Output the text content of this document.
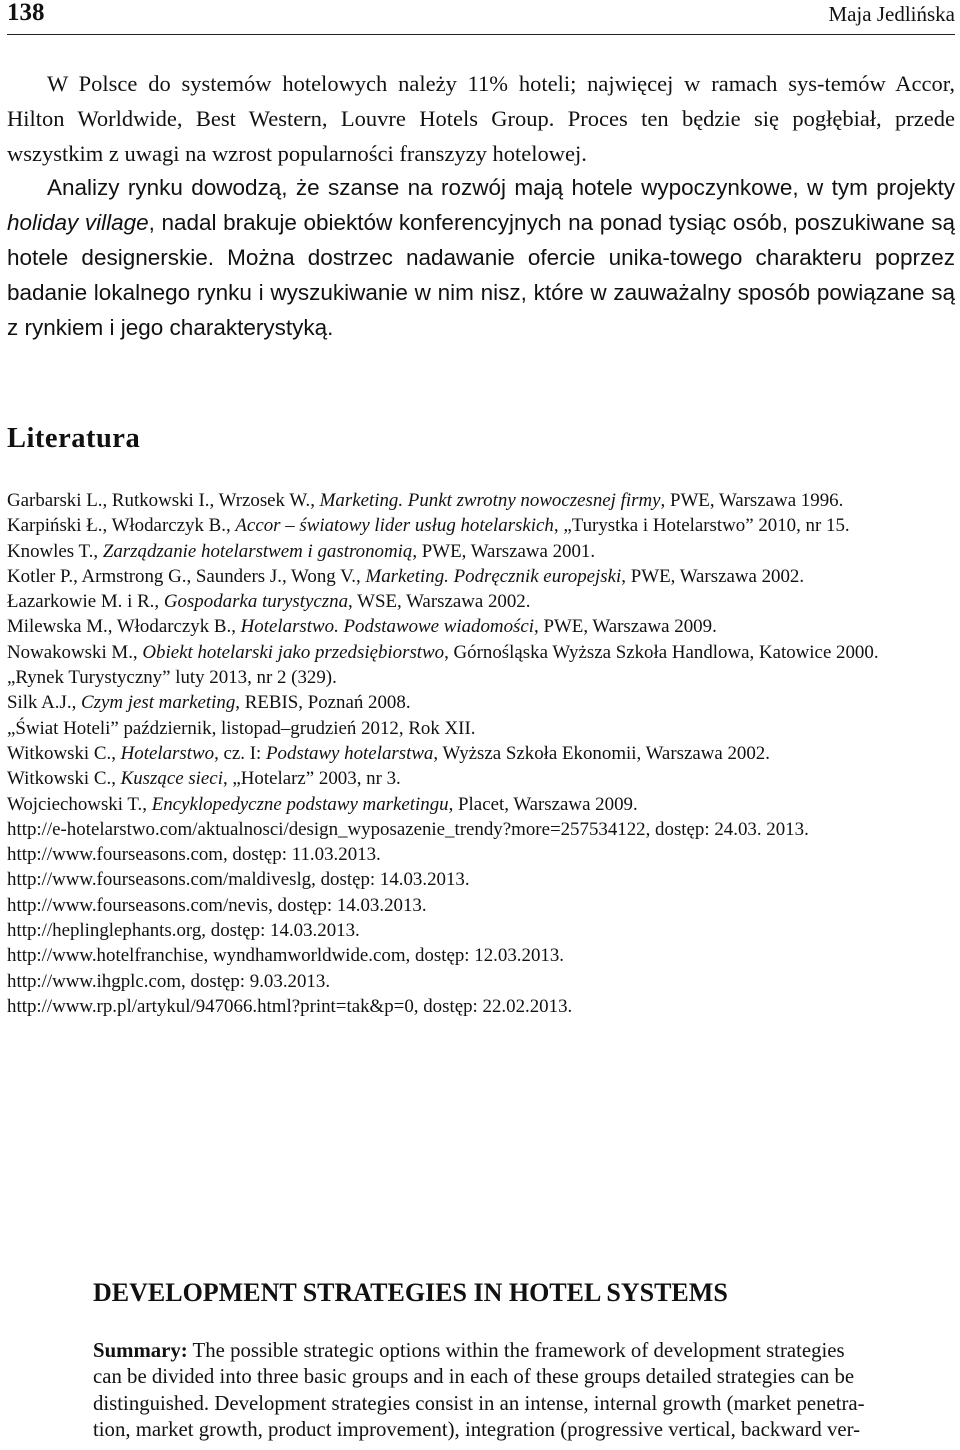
138	Maja Jedlińska

W Polsce do systemów hotelowych należy 11% hoteli; najwięcej w ramach sys-temów Accor, Hilton Worldwide, Best Western, Louvre Hotels Group. Proces ten będzie się pogłębiał, przede wszystkim z uwagi na wzrost popularności franszyzy hotelowej.

Analizy rynku dowodzą, że szanse na rozwój mają hotele wypoczynkowe, w tym projekty holiday village, nadal brakuje obiektów konferencyjnych na ponad tysiąc osób, poszukiwane są hotele designerskie. Można dostrzec nadawanie ofercie unika-towego charakteru poprzez badanie lokalnego rynku i wyszukiwanie w nim nisz, które w zauważalny sposób powiązane są z rynkiem i jego charakterystyką.

Literatura

Garbarski L., Rutkowski I., Wrzosek W., Marketing. Punkt zwrotny nowoczesnej firmy, PWE, Warszawa 1996.

Karpiński Ł., Włodarczyk B., Accor – światowy lider usług hotelarskich, „Turystka i Hotelarstwo” 2010, nr 15.

Knowles T., Zarządzanie hotelarstwem i gastronomią, PWE, Warszawa 2001.

Kotler P., Armstrong G., Saunders J., Wong V., Marketing. Podręcznik europejski, PWE, Warszawa 2002.

Łazarkowie M. i R., Gospodarka turystyczna, WSE, Warszawa 2002.

Milewska M., Włodarczyk B., Hotelarstwo. Podstawowe wiadomości, PWE, Warszawa 2009.

Nowakowski M., Obiekt hotelarski jako przedsiębiorstwo, Górnośląska Wyższa Szkoła Handlowa, Katowice 2000.

„Rynek Turystyczny” luty 2013, nr 2 (329).

Silk A.J., Czym jest marketing, REBIS, Poznań 2008.

„Świat Hoteli” październik, listopad–grudzień 2012, Rok XII.

Witkowski C., Hotelarstwo, cz. I: Podstawy hotelarstwa, Wyższa Szkoła Ekonomii, Warszawa 2002.

Witkowski C., Kuszące sieci, „Hotelarz” 2003, nr 3.

Wojciechowski T., Encyklopedyczne podstawy marketingu, Placet, Warszawa 2009.

http://e-hotelarstwo.com/aktualnosci/design_wyposazenie_trendy?more=257534122, dostęp: 24.03. 2013.

http://www.fourseasons.com, dostęp: 11.03.2013.

http://www.fourseasons.com/maldiveslg, dostęp: 14.03.2013.

http://www.fourseasons.com/nevis, dostęp: 14.03.2013.

http://heplinglephants.org, dostęp: 14.03.2013.

http://www.hotelfranchise, wyndhamworldwide.com, dostęp: 12.03.2013.

http://www.ihgplc.com, dostęp: 9.03.2013.

http://www.rp.pl/artykul/947066.html?print=tak&p=0, dostęp: 22.02.2013.

DEVELOPMENT STRATEGIES IN HOTEL SYSTEMS
Summary: The possible strategic options within the framework of development strategies
can be divided into three basic groups and in each of these groups detailed strategies can be
distinguished. Development strategies consist in an intense, internal growth (market penetra-
tion, market growth, product improvement), integration (progressive vertical, backward ver-
